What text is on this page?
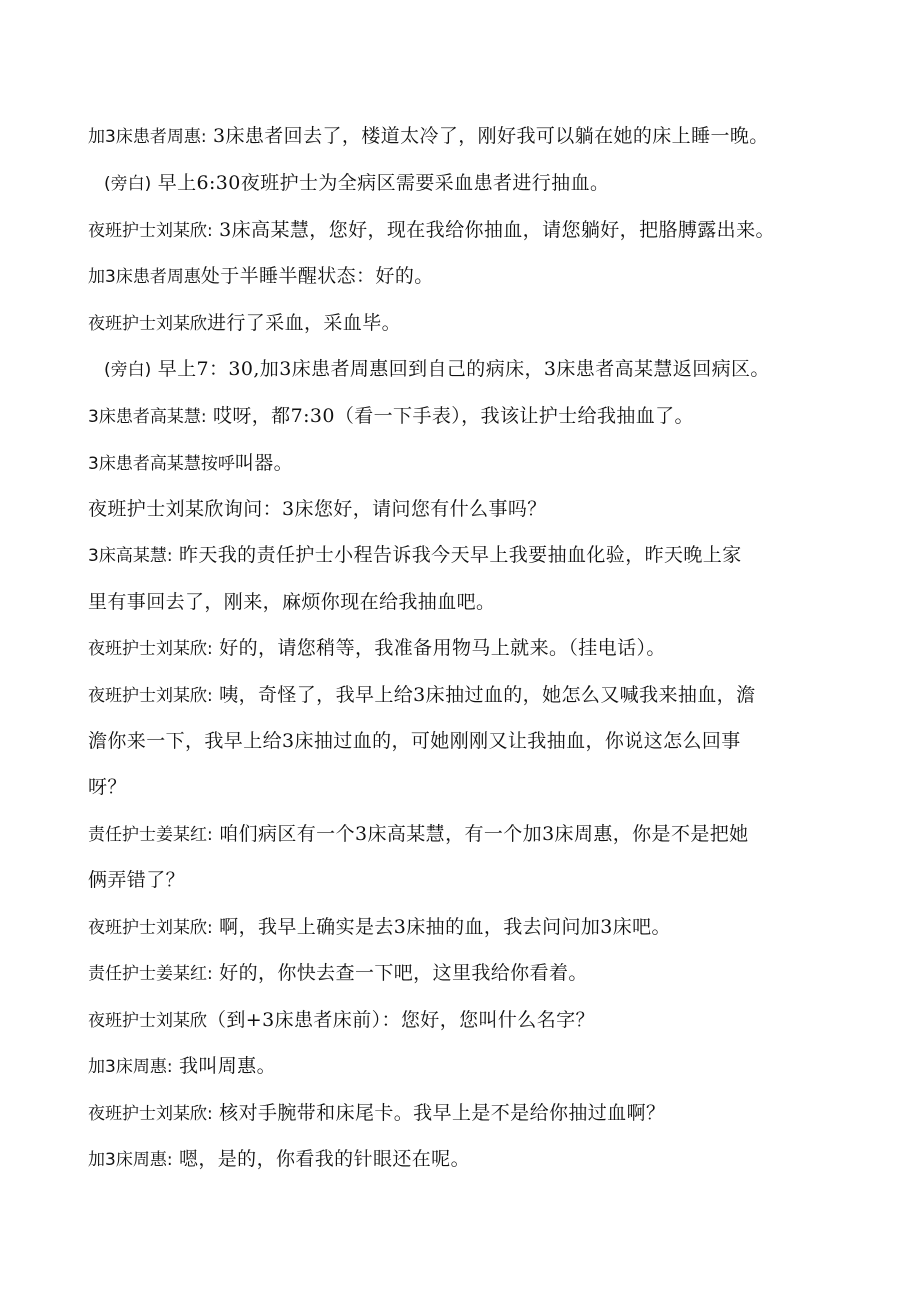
加3床患者周惠: 3床患者回去了，楼道太冷了，刚好我可以躺在她的床上睡一晚。

(旁白) 早上6:30夜班护士为全病区需要采血患者进行抽血。

夜班护士刘某欣: 3床高某慧，您好，现在我给你抽血，请您躺好，把胳膊露出来。

加3床患者周惠处于半睡半醒状态：好的。

夜班护士刘某欣进行了采血，采血毕。

(旁白) 早上7：30,加3床患者周惠回到自己的病床，3床患者高某慧返回病区。

3床患者高某慧: 哎呀，都7:30（看一下手表），我该让护士给我抽血了。

3床患者高某慧按呼叫器。

夜班护士刘某欣询问：3床您好，请问您有什么事吗？

3床高某慧: 昨天我的责任护士小程告诉我今天早上我要抽血化验，昨天晚上家

里有事回去了，刚来，麻烦你现在给我抽血吧。

夜班护士刘某欣: 好的，请您稍等，我准备用物马上就来。（挂电话）。

夜班护士刘某欣: 咦，奇怪了，我早上给3床抽过血的，她怎么又喊我来抽血，澹

澹你来一下，我早上给3床抽过血的，可她刚刚又让我抽血，你说这怎么回事

呀？

责任护士姜某红: 咱们病区有一个3床高某慧，有一个加3床周惠，你是不是把她

俩弄错了？

夜班护士刘某欣: 啊，我早上确实是去3床抽的血，我去问问加3床吧。

责任护士姜某红: 好的，你快去查一下吧，这里我给你看着。

夜班护士刘某欣（到+3床患者床前）：您好，您叫什么名字？

加3床周惠: 我叫周惠。

夜班护士刘某欣: 核对手腕带和床尾卡。我早上是不是给你抽过血啊？

加3床周惠: 嗯，是的，你看我的针眼还在呢。
